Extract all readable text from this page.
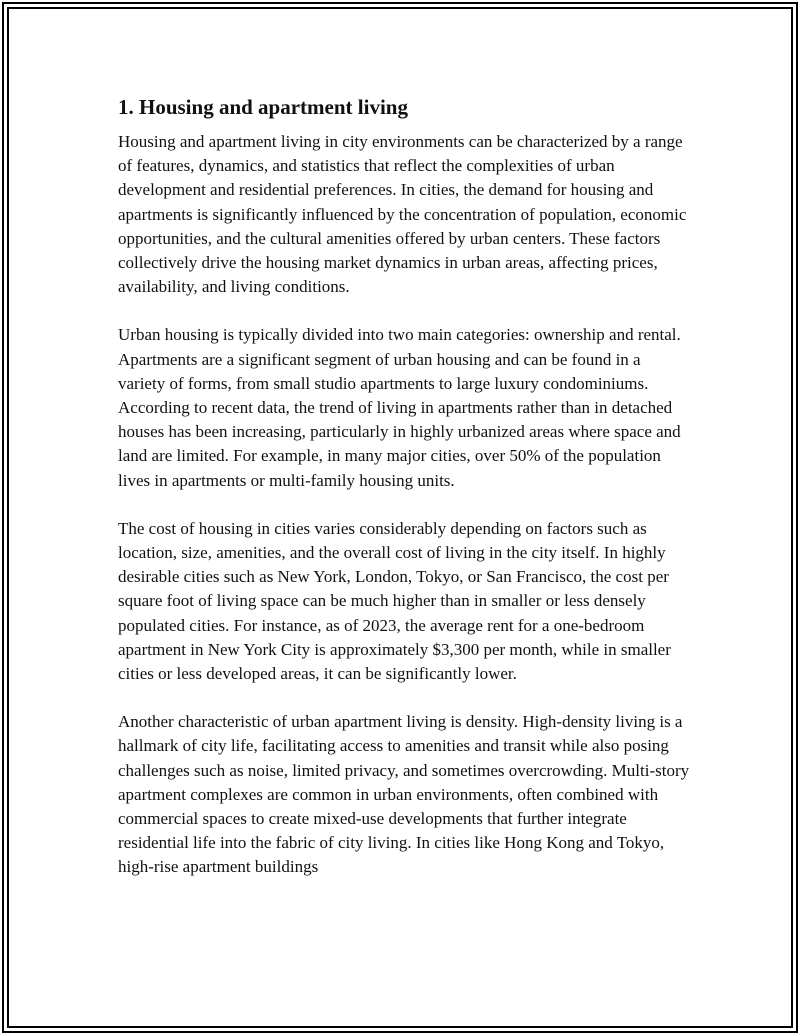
1. Housing and apartment living

Housing and apartment living in city environments can be characterized by a range of features, dynamics, and statistics that reflect the complexities of urban development and residential preferences. In cities, the demand for housing and apartments is significantly influenced by the concentration of population, economic opportunities, and the cultural amenities offered by urban centers. These factors collectively drive the housing market dynamics in urban areas, affecting prices, availability, and living conditions.

Urban housing is typically divided into two main categories: ownership and rental. Apartments are a significant segment of urban housing and can be found in a variety of forms, from small studio apartments to large luxury condominiums. According to recent data, the trend of living in apartments rather than in detached houses has been increasing, particularly in highly urbanized areas where space and land are limited. For example, in many major cities, over 50% of the population lives in apartments or multi-family housing units.

The cost of housing in cities varies considerably depending on factors such as location, size, amenities, and the overall cost of living in the city itself. In highly desirable cities such as New York, London, Tokyo, or San Francisco, the cost per square foot of living space can be much higher than in smaller or less densely populated cities. For instance, as of 2023, the average rent for a one-bedroom apartment in New York City is approximately $3,300 per month, while in smaller cities or less developed areas, it can be significantly lower.

Another characteristic of urban apartment living is density. High-density living is a hallmark of city life, facilitating access to amenities and transit while also posing challenges such as noise, limited privacy, and sometimes overcrowding. Multi-story apartment complexes are common in urban environments, often combined with commercial spaces to create mixed-use developments that further integrate residential life into the fabric of city living. In cities like Hong Kong and Tokyo, high-rise apartment buildings
